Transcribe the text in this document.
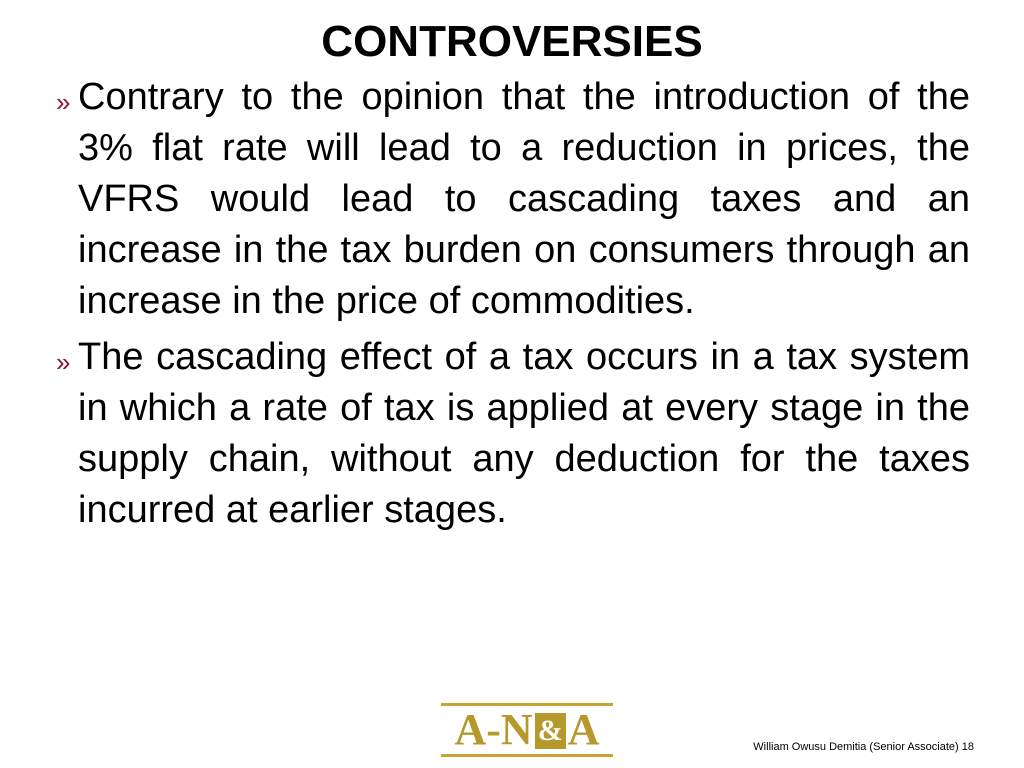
CONTROVERSIES
» Contrary to the opinion that the introduction of the 3% flat rate will lead to a reduction in prices, the VFRS would lead to cascading taxes and an increase in the tax burden on consumers through an increase in the price of commodities.
» The cascading effect of a tax occurs in a tax system in which a rate of tax is applied at every stage in the supply chain, without any deduction for the taxes incurred at earlier stages.
A-N & A	William Owusu Demitia (Senior Associate) 18
